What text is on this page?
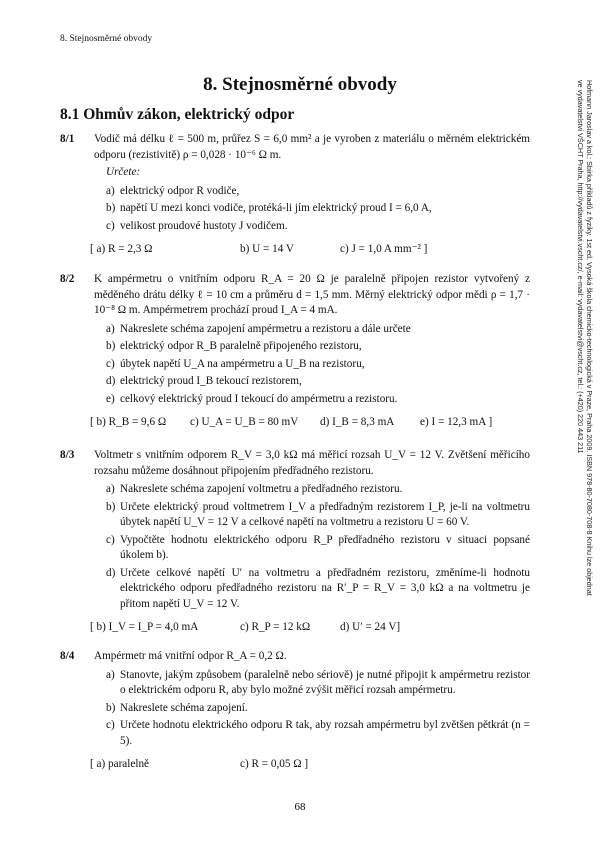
8. Stejnosměrné obvody
8. Stejnosměrné obvody
8.1 Ohmův zákon, elektrický odpor
8/1 Vodič má délku ℓ = 500 m, průřez S = 6,0 mm² a je vyroben z materiálu o měrném elektrickém odporu (rezistivitě) ρ = 0,028 · 10⁻⁶ Ω m.
Určete:
a) elektrický odpor R vodiče,
b) napětí U mezi konci vodiče, protéká-li jím elektrický proud I = 6,0 A,
c) velikost proudové hustoty J vodičem.
[ a) R = 2,3 Ω	b) U = 14 V	c) J = 1,0 A mm⁻² ]
8/2 K ampérmetru o vnitřním odporu R_A = 20 Ω je paralelně připojen rezistor vytvořený z měděného drátu délky ℓ = 10 cm a průměru d = 1,5 mm. Měrný elektrický odpor mědi ρ = 1,7 · 10⁻⁸ Ω m. Ampérmetrem prochází proud I_A = 4 mA.
a) Nakreslete schéma zapojení ampérmetru a rezistoru a dále určete
b) elektrický odpor R_B paralelně připojeného rezistoru,
c) úbytek napětí U_A na ampérmetru a U_B na rezistoru,
d) elektrický proud I_B tekoucí rezistorem,
e) celkový elektrický proud I tekoucí do ampérmetru a rezistoru.
[ b) R_B = 9,6 Ω	c) U_A = U_B = 80 mV	d) I_B = 8,3 mA	e) I = 12,3 mA ]
8/3 Voltmetr s vnitřním odporem R_V = 3,0 kΩ má měřicí rozsah U_V = 12 V. Zvětšení měřicího rozsahu můžeme dosáhnout připojením předřadného rezistoru.
a) Nakreslete schéma zapojení voltmetru a předřadného rezistoru.
b) Určete elektrický proud voltmetrem I_V a předřadným rezistorem I_P, je-li na voltmetru úbytek napětí U_V = 12 V a celkové napětí na voltmetru a rezistoru U = 60 V.
c) Vypočtěte hodnotu elektrického odporu R_P předřadného rezistoru v situaci popsané úkolem b).
d) Určete celkové napětí U′ na voltmetru a předřadném rezistoru, změníme-li hodnotu elektrického odporu předřadného rezistoru na R′_P = R_V = 3,0 kΩ a na voltmetru je přitom napětí U_V = 12 V.
[ b) I_V = I_P = 4,0 mA	c) R_P = 12 kΩ	d) U′ = 24 V]
8/4 Ampérmetr má vnitřní odpor R_A = 0,2 Ω.
a) Stanovte, jakým způsobem (paralelně nebo sériově) je nutné připojit k ampérmetru rezistor o elektrickém odporu R, aby bylo možné zvýšit měřicí rozsah ampérmetru.
b) Nakreslete schéma zapojení.
c) Určete hodnotu elektrického odporu R tak, aby rozsah ampérmetru byl zvětšen pětkrát (n = 5).
[ a) paralelně	c) R = 0,05 Ω ]
Hofmann Jaroslav a kol.: Sbírka příkladů z fyziky. 1st ed. Vysoká škola chemicko-technologická v Praze, Praha 2009. ISBN 978-80-7080-708-8 Knihu lze objednat ve vydavatelství VŠCHT Praha, http://vydavatelstvi.vscht.cz/, e-mail: vydavatelstvi@vscht.cz, tel.: (+420) 220 443 211
68
